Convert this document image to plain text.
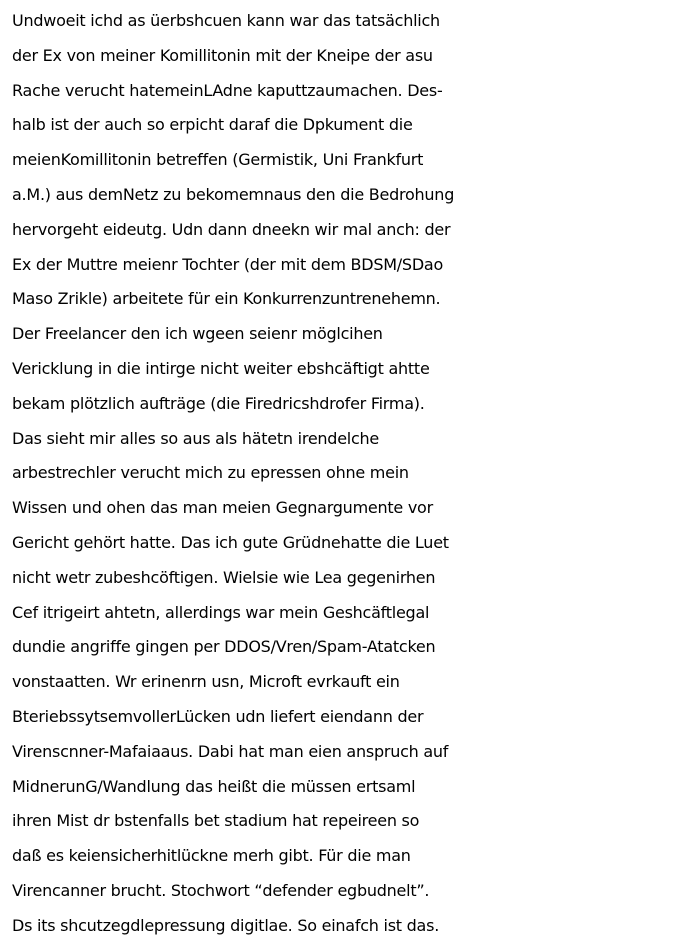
Undwoeit ichd as üerbshcuen kann war das tatsächlich
der Ex von meiner Komillitonin mit der Kneipe der asu
Rache verucht hatemeinLAdne kaputtzaumachen. Des-
halb ist der auch so erpicht daraf die Dpkument die
meienKomillitonin betreffen (Germistik, Uni Frankfurt
a.M.) aus demNetz zu bekomemnaus den die Bedrohung
hervorgeht eideutg. Udn dann dneekn wir mal anch: der
Ex der Muttre meienr Tochter (der mit dem BDSM/SDao
Maso Zrikle) arbeitete für ein Konkurrenzuntrenehemn.
Der Freelancer den ich wgeen seienr möglcihen
Vericklung in die intirge nicht weiter ebshcäftigt ahtte
bekam plötzlich aufträge (die Firedricshdrofer Firma).
Das sieht mir alles so aus als hätetn irendelche
arbestrechler verucht mich zu epressen ohne mein
Wissen und ohen das man meien Gegnargumente vor
Gericht gehört hatte. Das ich gute Grüdnehatte die Luet
nicht wetr zubeshcöftigen. Wielsie wie Lea gegenirhen
Cef itrigeirt ahtetn, allerdings war mein Geshcäftlegal
dundie angriffe gingen per DDOS/Vren/Spam-Atatcken
vonstaatten. Wr erinenrn usn, Microft evrkauft ein
BteriebssytsemvollerLücken udn liefert eiendann der
Virenscnner-Mafaiaaus. Dabi hat man eien anspruch auf
MidnerunG/Wandlung das heißt die müssen ertsaml
ihren Mist dr bstenfalls bet stadium hat repeireen so
daß es keiensicherhitlückne merh gibt. Für die man
Virencanner brucht. Stochwort “defender egbudnelt”.
Ds its shcutzegdlepressung digitlae. So einafch ist das.
